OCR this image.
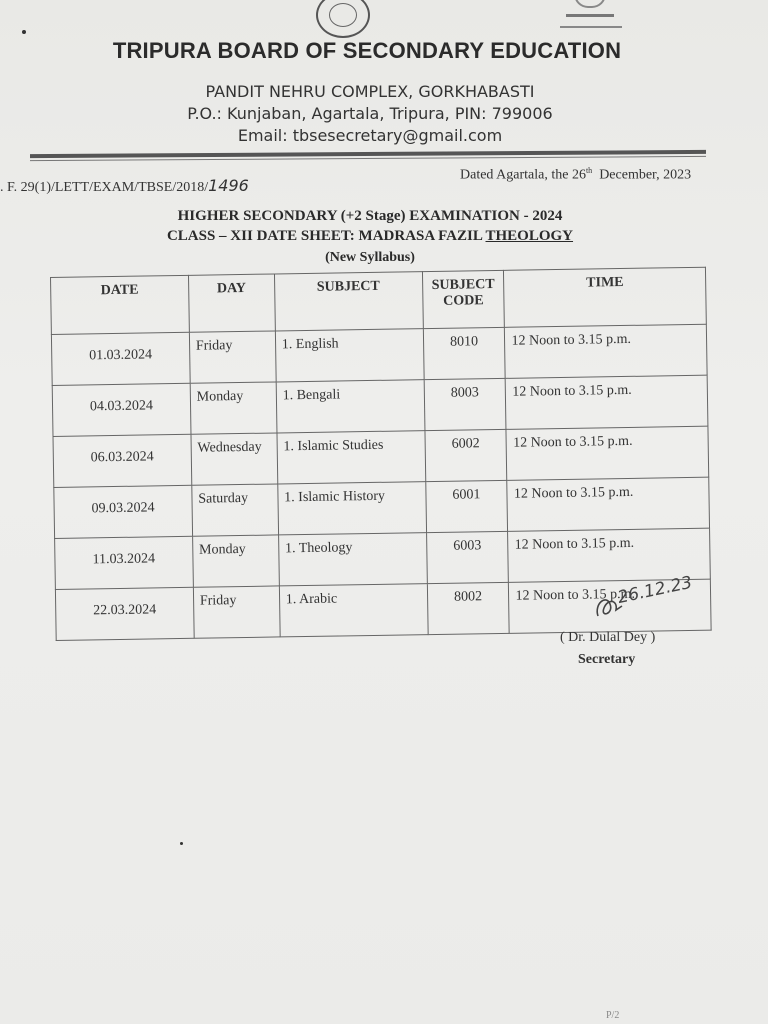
TRIPURA BOARD OF SECONDARY EDUCATION
PANDIT NEHRU COMPLEX, GORKHABASTI
P.O.: Kunjaban, Agartala, Tripura, PIN: 799006
Email: tbsesecretary@gmail.com
. F. 29(1)/LETT/EXAM/TBSE/2018/1496
Dated Agartala, the 26th December, 2023
HIGHER SECONDARY (+2 Stage) EXAMINATION - 2024
CLASS – XII DATE SHEET: MADRASA FAZIL THEOLOGY
(New Syllabus)
DATE	DAY	SUBJECT	SUBJECT CODE	TIME
01.03.2024	Friday	1. English	8010	12 Noon to 3.15 p.m.
04.03.2024	Monday	1. Bengali	8003	12 Noon to 3.15 p.m.
06.03.2024	Wednesday	1. Islamic Studies	6002	12 Noon to 3.15 p.m.
09.03.2024	Saturday	1. Islamic History	6001	12 Noon to 3.15 p.m.
11.03.2024	Monday	1. Theology	6003	12 Noon to 3.15 p.m.
22.03.2024	Friday	1. Arabic	8002	12 Noon to 3.15 p.m.
26.12.23
( Dr. Dulal Dey )
Secretary
P/2
